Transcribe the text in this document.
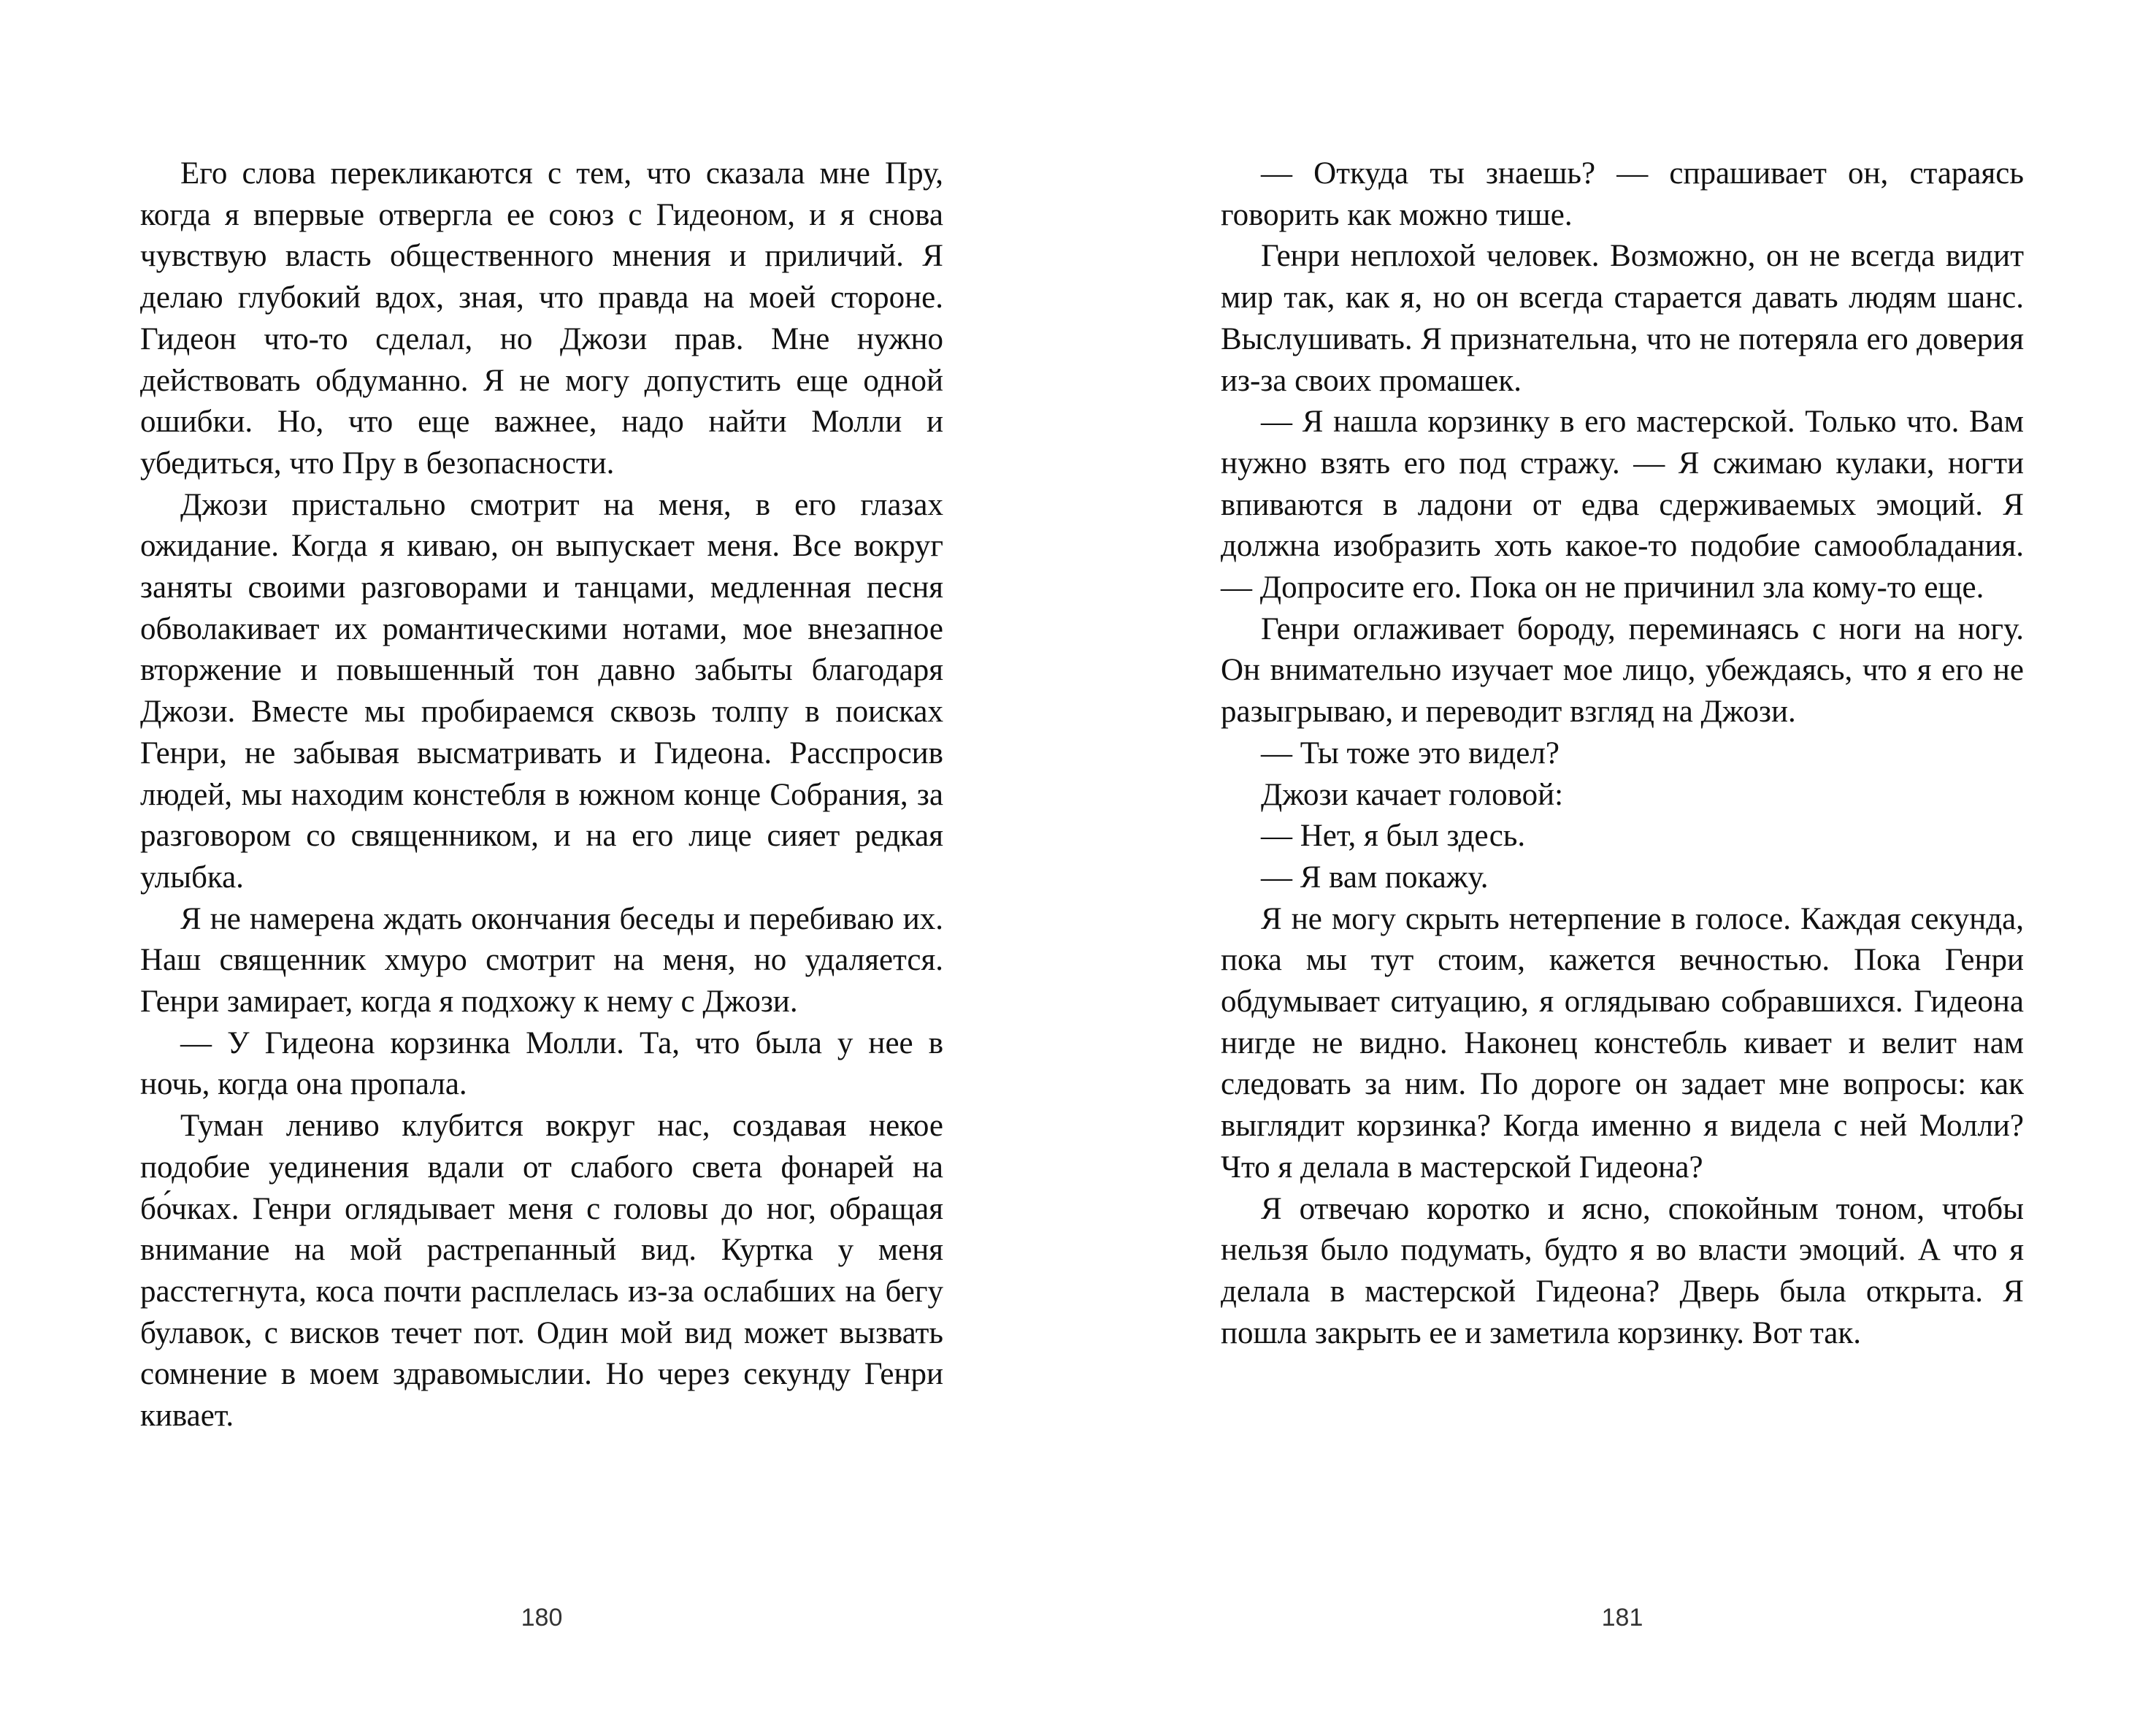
Его слова перекликаются с тем, что сказала мне Пру, когда я впервые отвергла ее союз с Гидеоном, и я снова чувствую власть общественного мнения и приличий. Я делаю глубокий вдох, зная, что правда на моей стороне. Гидеон что-то сделал, но Джози прав. Мне нужно действовать обдуманно. Я не могу допустить еще одной ошибки. Но, что еще важнее, надо найти Молли и убедиться, что Пру в безопасности.

Джози пристально смотрит на меня, в его глазах ожидание. Когда я киваю, он выпускает меня. Все вокруг заняты своими разговорами и танцами, медленная песня обволакивает их романтическими нотами, мое внезапное вторжение и повышенный тон давно забыты благодаря Джози. Вместе мы пробираемся сквозь толпу в поисках Генри, не забывая высматривать и Гидеона. Расспросив людей, мы находим констебля в южном конце Собрания, за разговором со священником, и на его лице сияет редкая улыбка.

Я не намерена ждать окончания беседы и перебиваю их. Наш священник хмуро смотрит на меня, но удаляется. Генри замирает, когда я подхожу к нему с Джози.

— У Гидеона корзинка Молли. Та, что была у нее в ночь, когда она пропала.

Туман лениво клубится вокруг нас, создавая некое подобие уединения вдали от слабого света фонарей на бо́чках. Генри оглядывает меня с головы до ног, обращая внимание на мой растрепанный вид. Куртка у меня расстегнута, коса почти расплелась из-за ослабших на бегу булавок, с висков течет пот. Один мой вид может вызвать сомнение в моем здравомыслии. Но через секунду Генри кивает.

— Откуда ты знаешь? — спрашивает он, стараясь говорить как можно тише.

Генри неплохой человек. Возможно, он не всегда видит мир так, как я, но он всегда старается давать людям шанс. Выслушивать. Я признательна, что не потеряла его доверия из-за своих промашек.

— Я нашла корзинку в его мастерской. Только что. Вам нужно взять его под стражу. — Я сжимаю кулаки, ногти впиваются в ладони от едва сдерживаемых эмоций. Я должна изобразить хоть какое-то подобие самообладания. — Допросите его. Пока он не причинил зла кому-то еще.

Генри оглаживает бороду, переминаясь с ноги на ногу. Он внимательно изучает мое лицо, убеждаясь, что я его не разыгрываю, и переводит взгляд на Джози.

— Ты тоже это видел?

Джози качает головой:

— Нет, я был здесь.

— Я вам покажу.

Я не могу скрыть нетерпение в голосе. Каждая секунда, пока мы тут стоим, кажется вечностью. Пока Генри обдумывает ситуацию, я оглядываю собравшихся. Гидеона нигде не видно. Наконец констебль кивает и велит нам следовать за ним. По дороге он задает мне вопросы: как выглядит корзинка? Когда именно я видела с ней Молли? Что я делала в мастерской Гидеона?

Я отвечаю коротко и ясно, спокойным тоном, чтобы нельзя было подумать, будто я во власти эмоций. А что я делала в мастерской Гидеона? Дверь была открыта. Я пошла закрыть ее и заметила корзинку. Вот так.

180	181
